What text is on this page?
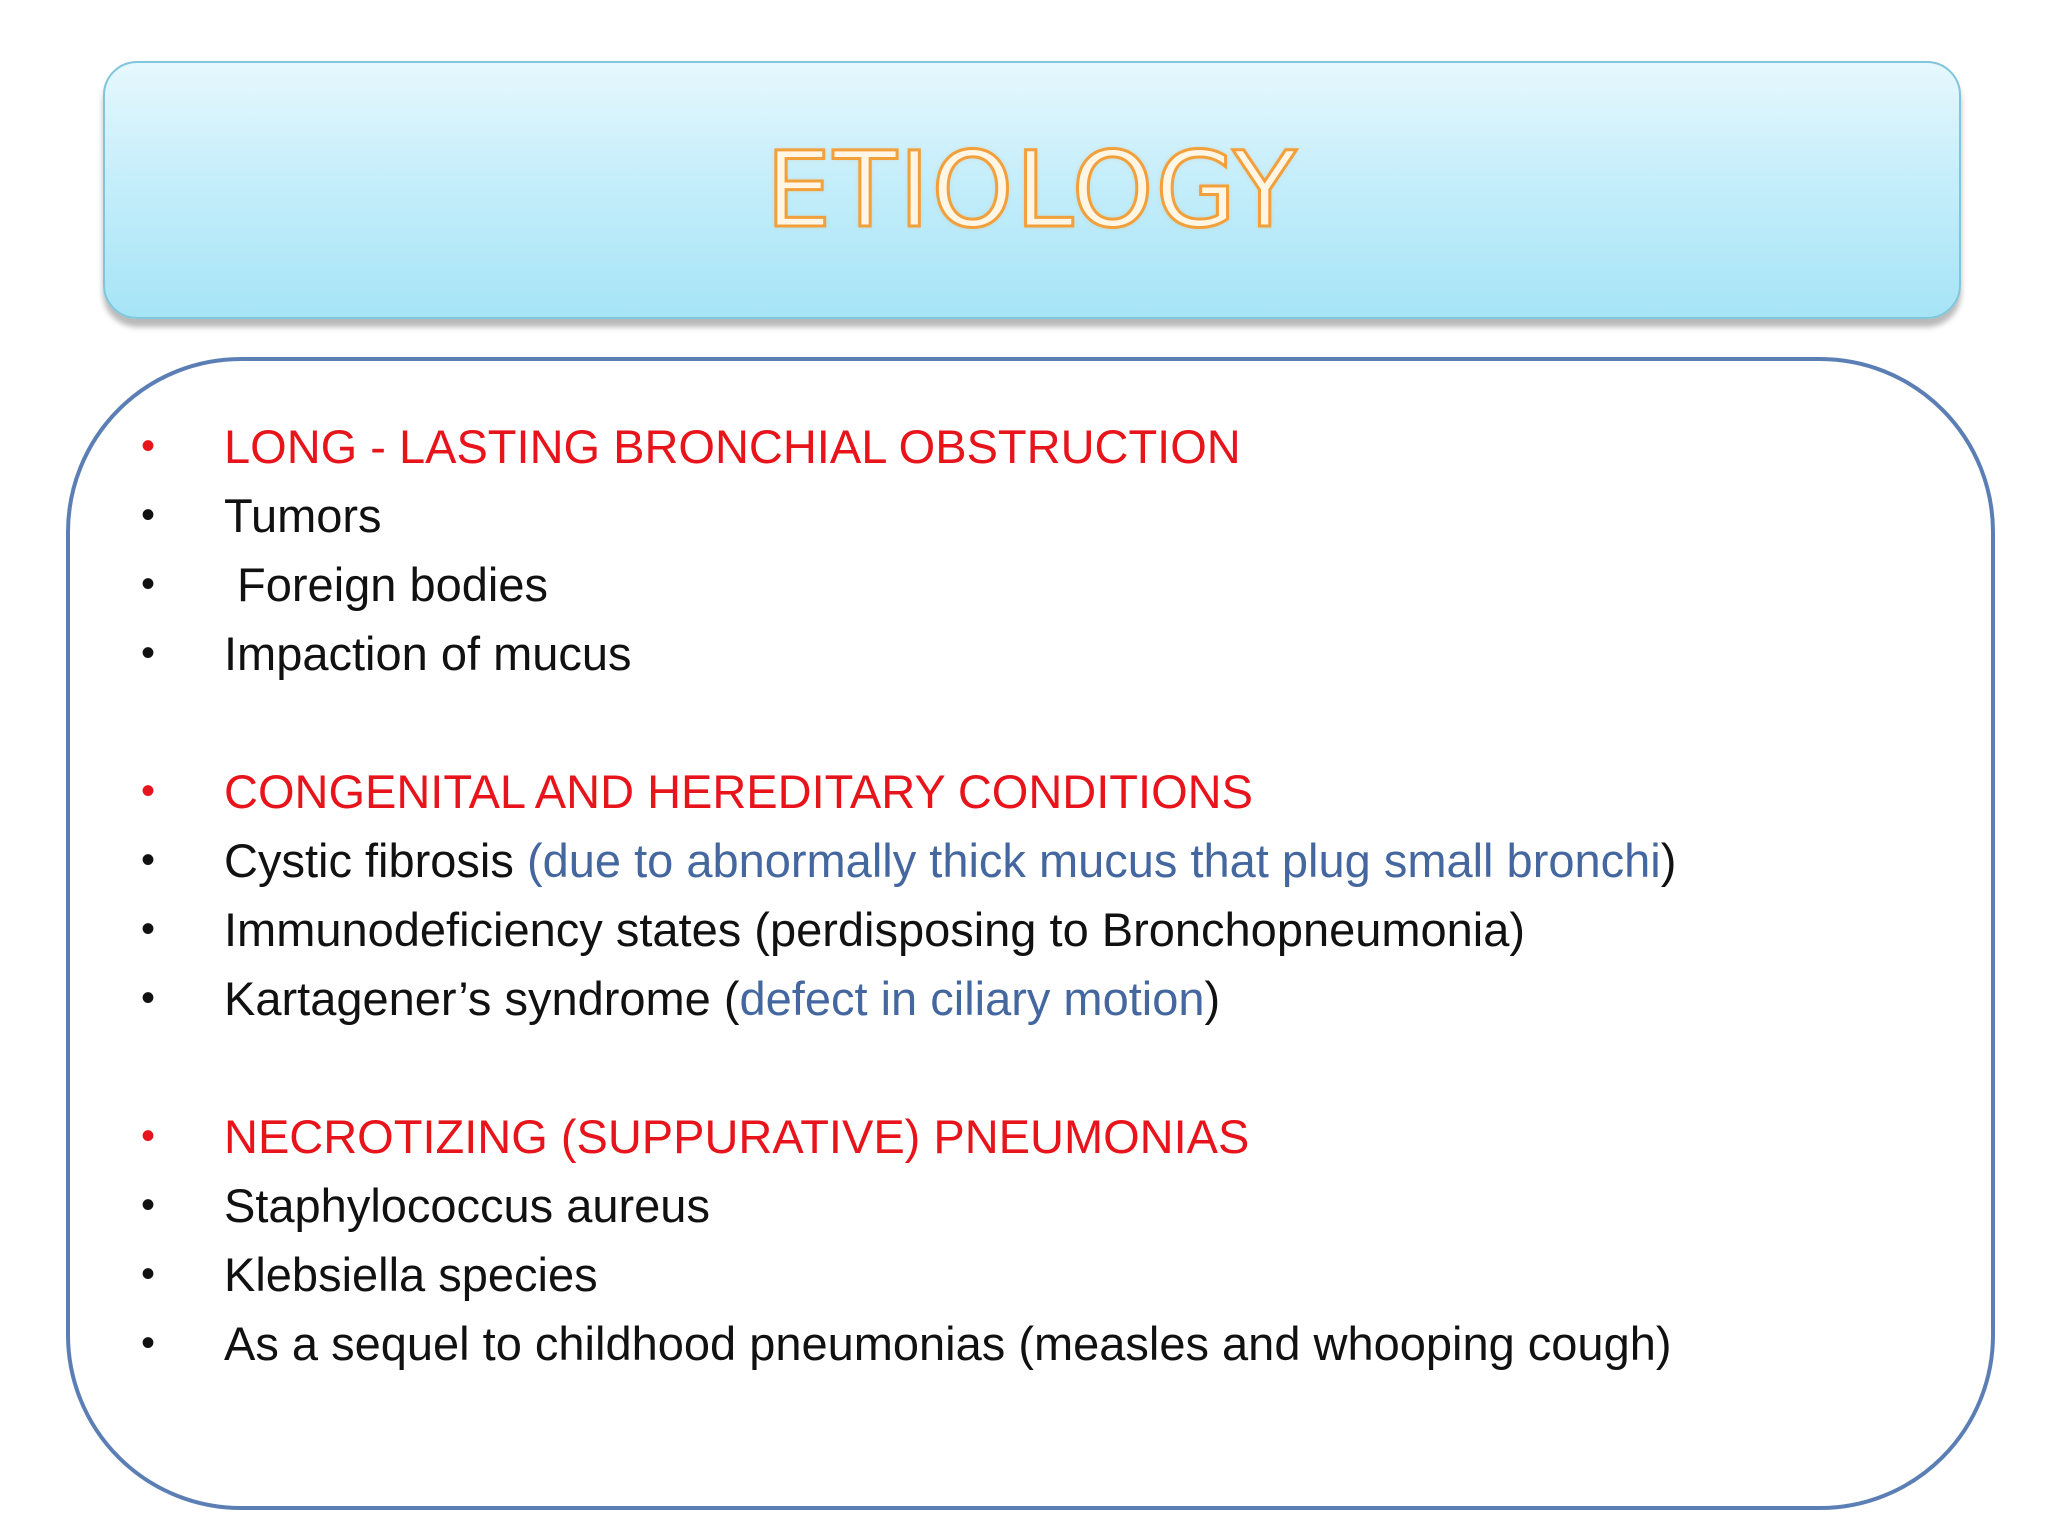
ETIOLOGY
•	LONG - LASTING BRONCHIAL OBSTRUCTION
•	Tumors
•	Foreign bodies
•	Impaction of mucus
•	CONGENITAL AND HEREDITARY CONDITIONS
•	Cystic fibrosis (due to abnormally thick mucus that plug small bronchi)
•	Immunodeficiency states (perdisposing to Bronchopneumonia)
•	Kartagener’s syndrome (defect in ciliary motion)
•	NECROTIZING (SUPPURATIVE) PNEUMONIAS
•	Staphylococcus aureus
•	Klebsiella species
•	As a sequel to childhood pneumonias (measles and whooping cough)
